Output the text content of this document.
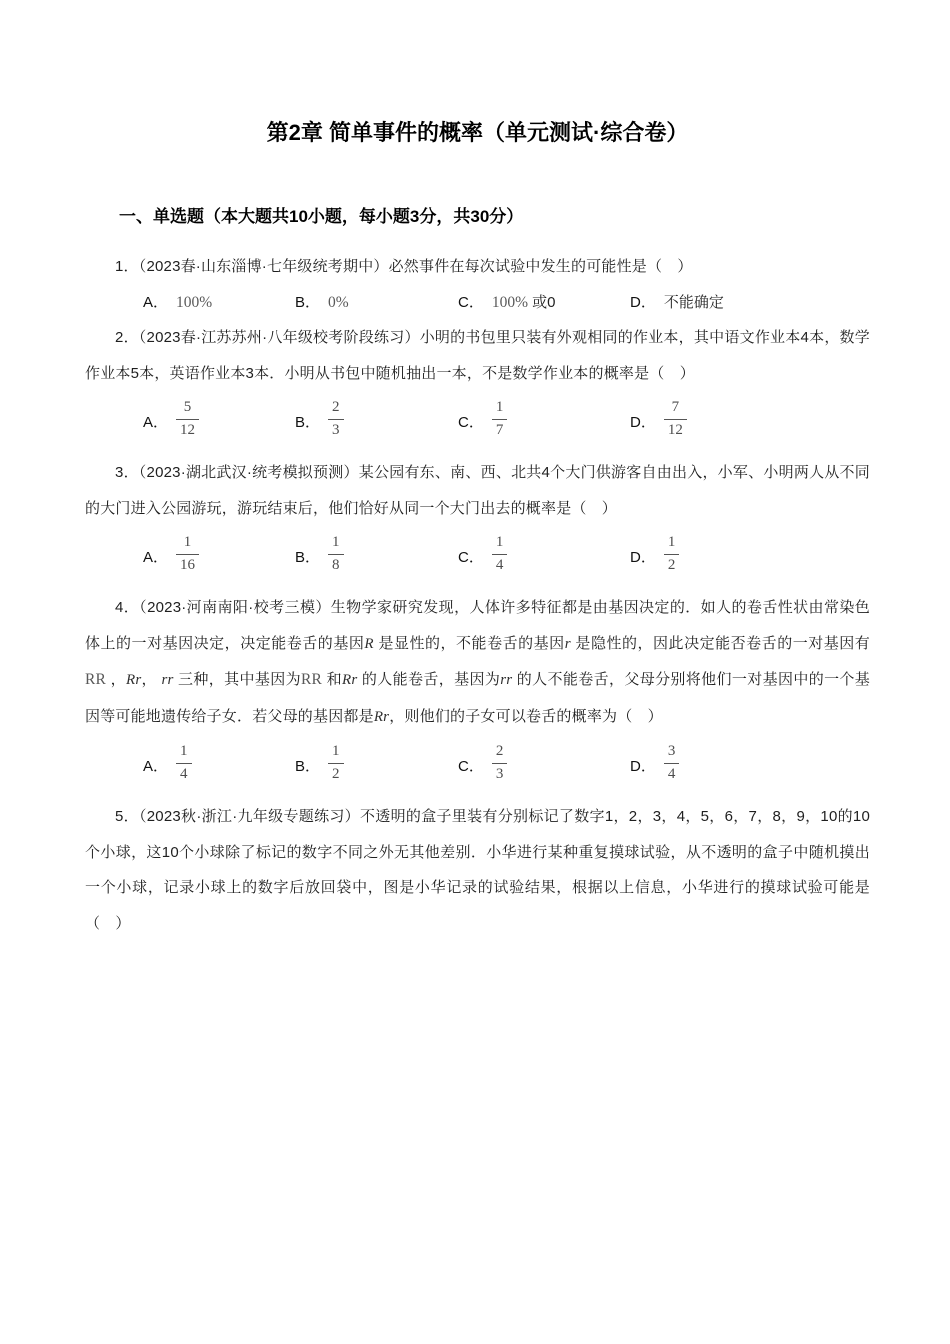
第2章 简单事件的概率（单元测试·综合卷）
一、单选题（本大题共10小题，每小题3分，共30分）

1．（2023春·山东淄博·七年级统考期中）必然事件在每次试验中发生的可能性是（　）

A． 100%	B． 0%	C． 100% 或0	D． 不能确定

2．（2023春·江苏苏州·八年级校考阶段练习）小明的书包里只装有外观相同的作业本，其中语文作业本4本，数学作业本5本，英语作业本3本．小明从书包中随机抽出一本，不是数学作业本的概率是（　）

A． $\frac{5}{12}$	B． $\frac{2}{3}$	C． $\frac{1}{7}$	D． $\frac{7}{12}$

3．（2023·湖北武汉·统考模拟预测）某公园有东、南、西、北共4个大门供游客自由出入，小军、小明两人从不同的大门进入公园游玩，游玩结束后，他们恰好从同一个大门出去的概率是（　）

A． $\frac{1}{16}$	B． $\frac{1}{8}$	C． $\frac{1}{4}$	D． $\frac{1}{2}$

4．（2023·河南南阳·校考三模）生物学家研究发现，人体许多特征都是由基因决定的．如人的卷舌性状由常染色体上的一对基因决定，决定能卷舌的基因R 是显性的，不能卷舌的基因r 是隐性的，因此决定能否卷舌的一对基因有RR ，Rr， rr 三种，其中基因为RR 和Rr 的人能卷舌，基因为rr 的人不能卷舌，父母分别将他们一对基因中的一个基因等可能地遗传给子女．若父母的基因都是Rr，则他们的子女可以卷舌的概率为（　）

A． $\frac{1}{4}$	B． $\frac{1}{2}$	C． $\frac{2}{3}$	D． $\frac{3}{4}$

5．（2023秋·浙江·九年级专题练习）不透明的盒子里装有分别标记了数字1，2，3，4，5，6，7，8，9，10的10个小球，这10个小球除了标记的数字不同之外无其他差别．小华进行某种重复摸球试验，从不透明的盒子中随机摸出一个小球，记录小球上的数字后放回袋中，图是小华记录的试验结果，根据以上信息，小华进行的摸球试验可能是（　）
